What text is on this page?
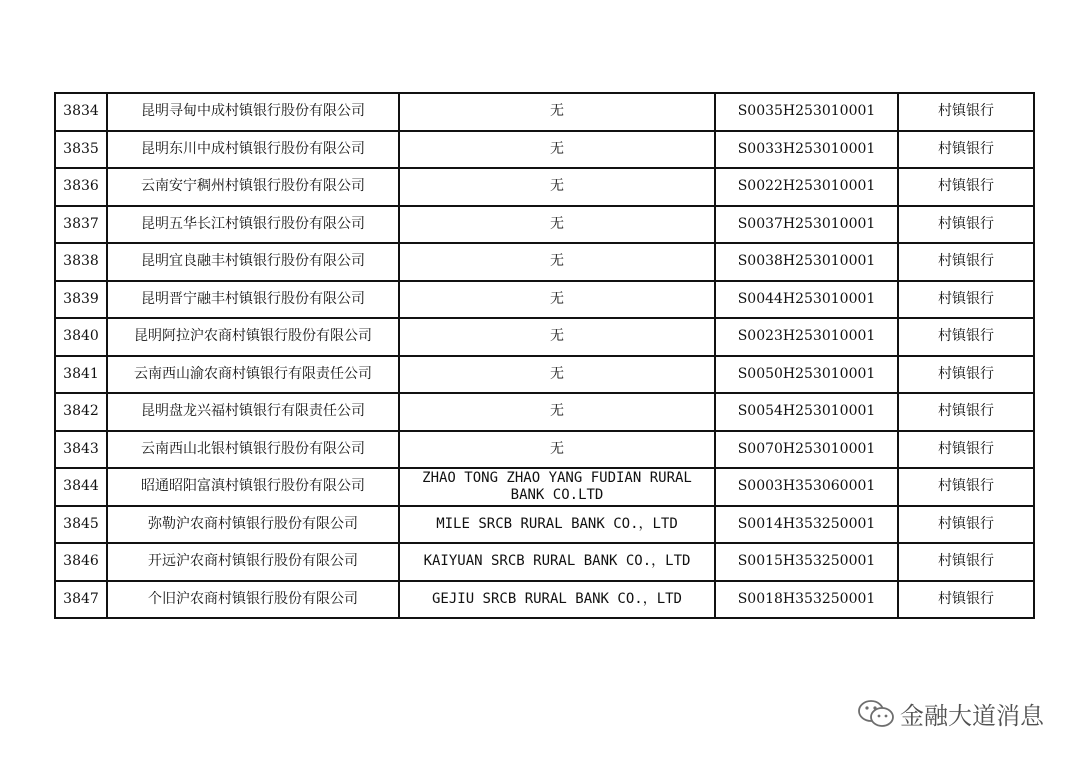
3834	昆明寻甸中成村镇银行股份有限公司	无	S0035H253010001	村镇银行
3835	昆明东川中成村镇银行股份有限公司	无	S0033H253010001	村镇银行
3836	云南安宁稠州村镇银行股份有限公司	无	S0022H253010001	村镇银行
3837	昆明五华长江村镇银行股份有限公司	无	S0037H253010001	村镇银行
3838	昆明宜良融丰村镇银行股份有限公司	无	S0038H253010001	村镇银行
3839	昆明晋宁融丰村镇银行股份有限公司	无	S0044H253010001	村镇银行
3840	昆明阿拉沪农商村镇银行股份有限公司	无	S0023H253010001	村镇银行
3841	云南西山渝农商村镇银行有限责任公司	无	S0050H253010001	村镇银行
3842	昆明盘龙兴福村镇银行有限责任公司	无	S0054H253010001	村镇银行
3843	云南西山北银村镇银行股份有限公司	无	S0070H253010001	村镇银行
3844	昭通昭阳富滇村镇银行股份有限公司	ZHAO TONG ZHAO YANG FUDIAN RURAL BANK CO.LTD	S0003H353060001	村镇银行
3845	弥勒沪农商村镇银行股份有限公司	MILE SRCB RURAL BANK CO.，LTD	S0014H353250001	村镇银行
3846	开远沪农商村镇银行股份有限公司	KAIYUAN SRCB RURAL BANK CO.，LTD	S0015H353250001	村镇银行
3847	个旧沪农商村镇银行股份有限公司	GEJIU SRCB RURAL BANK CO.，LTD	S0018H353250001	村镇银行
金融大道消息
